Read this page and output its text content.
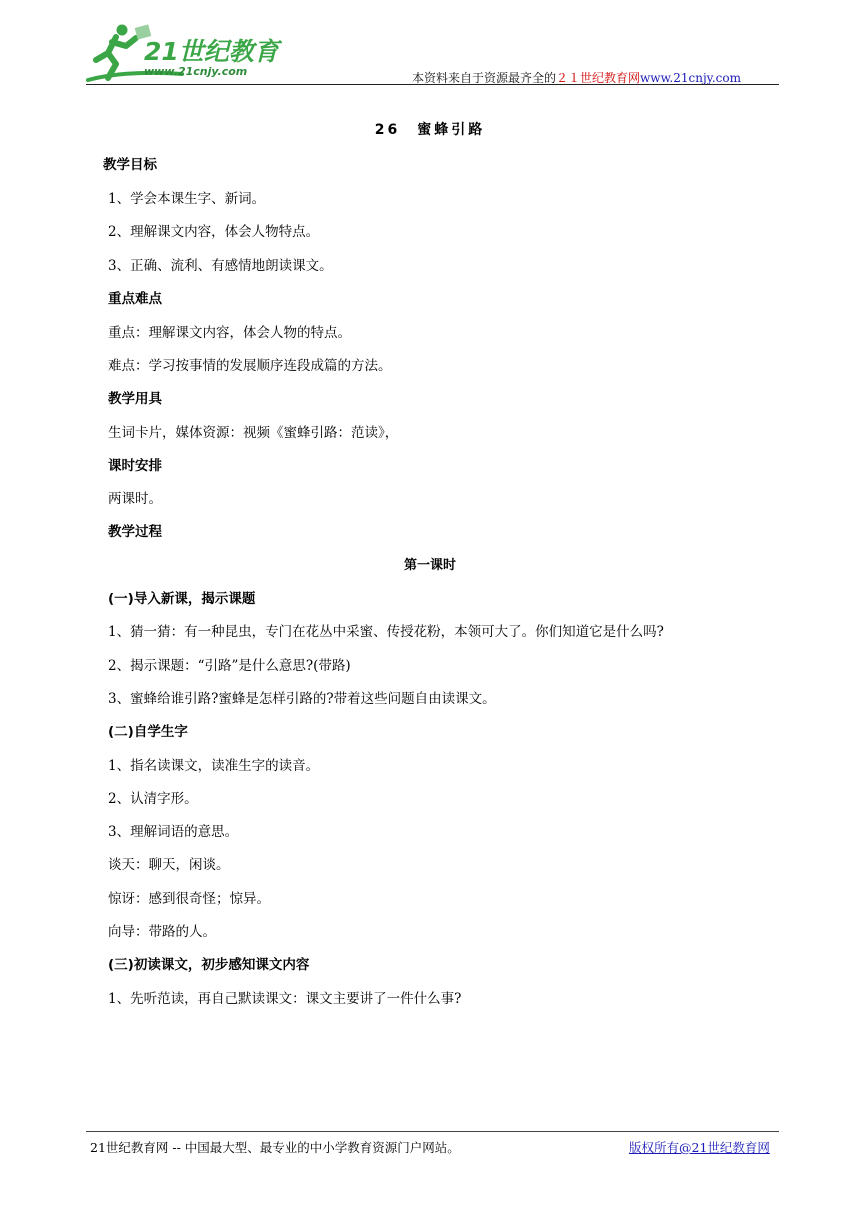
21世纪教育
www.21cnjy.com	本资料来自于资源最齐全的２１世纪教育网www.21cnjy.com
26　蜜蜂引路
教学目标
1、学会本课生字、新词。
2、理解课文内容，体会人物特点。
3、正确、流利、有感情地朗读课文。
重点难点
重点：理解课文内容，体会人物的特点。
难点：学习按事情的发展顺序连段成篇的方法。
教学用具
生词卡片，媒体资源：视频《蜜蜂引路：范读》，
课时安排
两课时。
教学过程
第一课时
(一)导入新课，揭示课题
1、猜一猜：有一种昆虫，专门在花丛中采蜜、传授花粉，本领可大了。你们知道它是什么吗?
2、揭示课题：“引路”是什么意思?(带路)
3、蜜蜂给谁引路?蜜蜂是怎样引路的?带着这些问题自由读课文。
(二)自学生字
1、指名读课文，读准生字的读音。
2、认清字形。
3、理解词语的意思。
谈天：聊天，闲谈。
惊讶：感到很奇怪；惊异。
向导：带路的人。
(三)初读课文，初步感知课文内容
1、先听范读，再自己默读课文：课文主要讲了一件什么事?
21世纪教育网 -- 中国最大型、最专业的中小学教育资源门户网站。	版权所有@21世纪教育网
